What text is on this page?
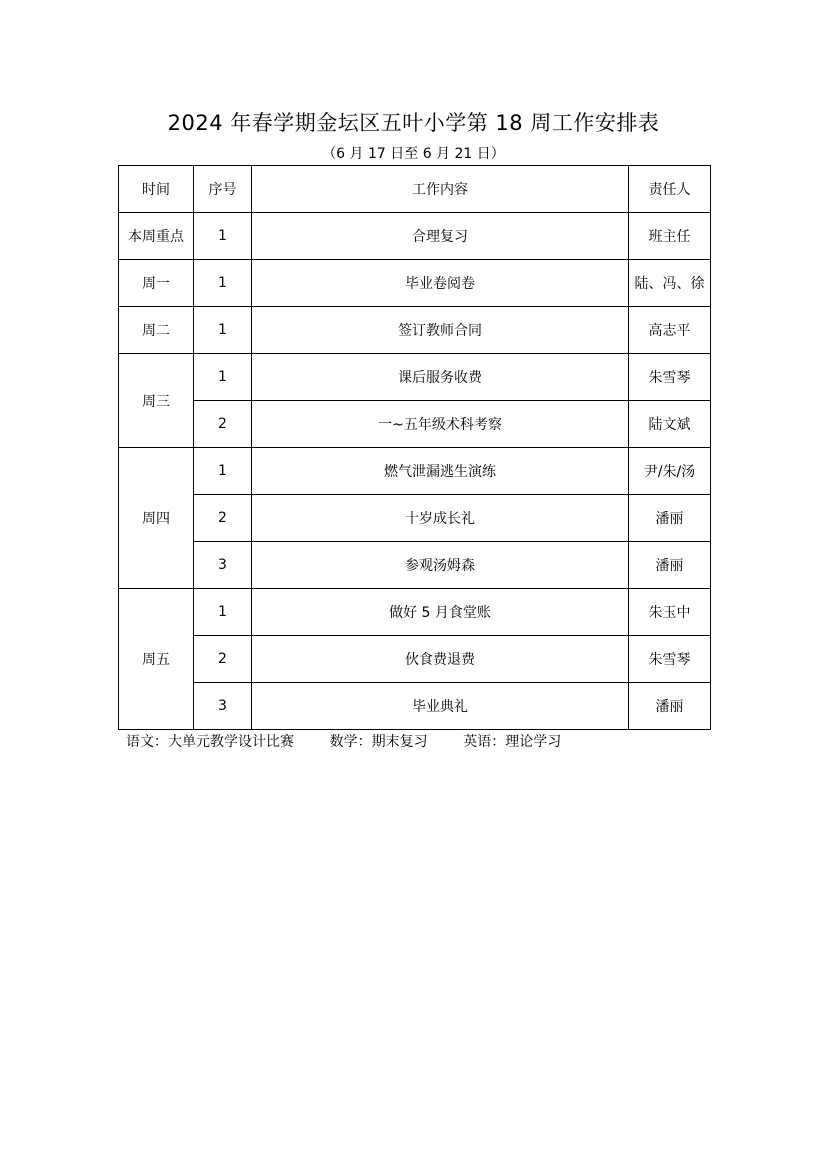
2024 年春学期金坛区五叶小学第 18 周工作安排表
（6 月 17 日至 6 月 21 日）
时间	序号	工作内容	责任人
本周重点	1	合理复习	班主任
周一	1	毕业卷阅卷	陆、冯、徐
周二	1	签订教师合同	高志平
周三	1	课后服务收费	朱雪琴
	2	一~五年级术科考察	陆文斌
周四	1	燃气泄漏逃生演练	尹/朱/汤
	2	十岁成长礼	潘丽
	3	参观汤姆森	潘丽
周五	1	做好 5 月食堂账	朱玉中
	2	伙食费退费	朱雪琴
	3	毕业典礼	潘丽
语文：大单元教学设计比赛	数学：期末复习	英语：理论学习
